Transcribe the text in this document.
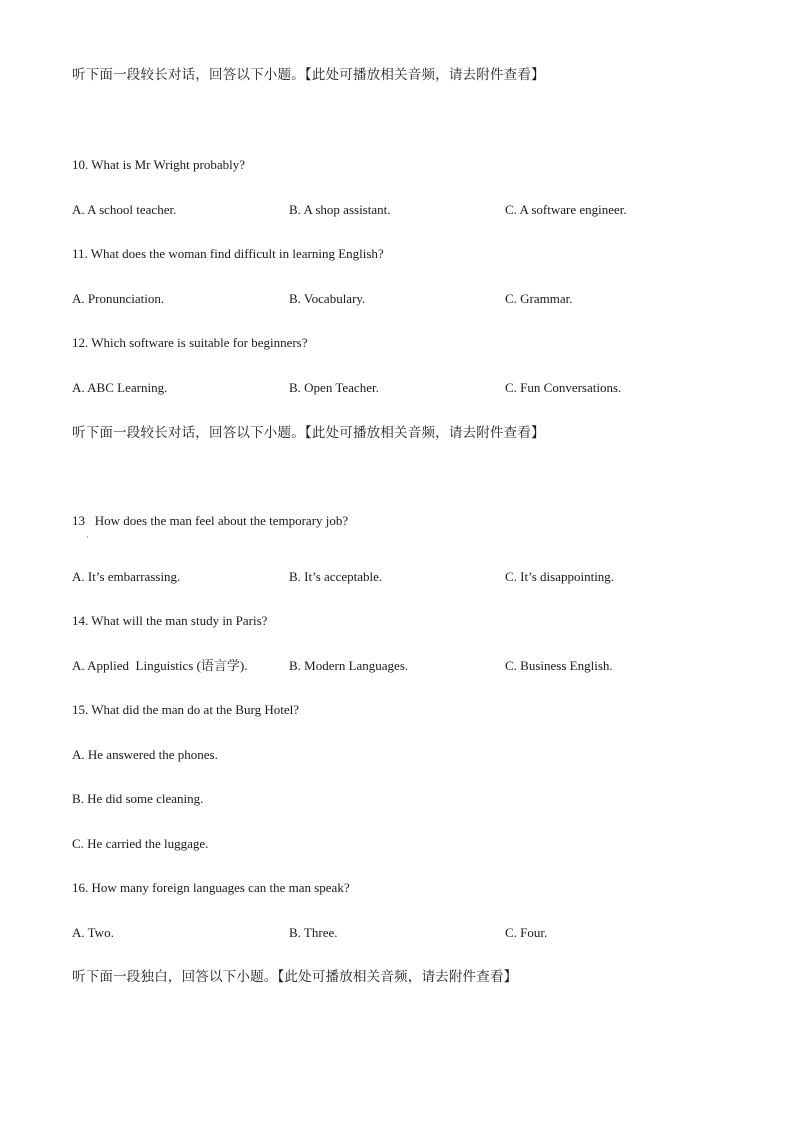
听下面一段较长对话，回答以下小题。【此处可播放相关音频，请去附件查看】
10. What is Mr Wright probably?
A. A school teacher.	B. A shop assistant.	C. A software engineer.
11. What does the woman find difficult in learning English?
A. Pronunciation.	B. Vocabulary.	C. Grammar.
12. Which software is suitable for beginners?
A. ABC Learning.	B. Open Teacher.	C. Fun Conversations.
听下面一段较长对话，回答以下小题。【此处可播放相关音频，请去附件查看】
13   How does the man feel about the temporary job?
·
A. It’s embarrassing.	B. It’s acceptable.	C. It’s disappointing.
14. What will the man study in Paris?
A. Applied  Linguistics (语言学).	B. Modern Languages.	C. Business English.
15. What did the man do at the Burg Hotel?
A. He answered the phones.
B. He did some cleaning.
C. He carried the luggage.
16. How many foreign languages can the man speak?
A. Two.	B. Three.	C. Four.
听下面一段独白，回答以下小题。【此处可播放相关音频，请去附件查看】
